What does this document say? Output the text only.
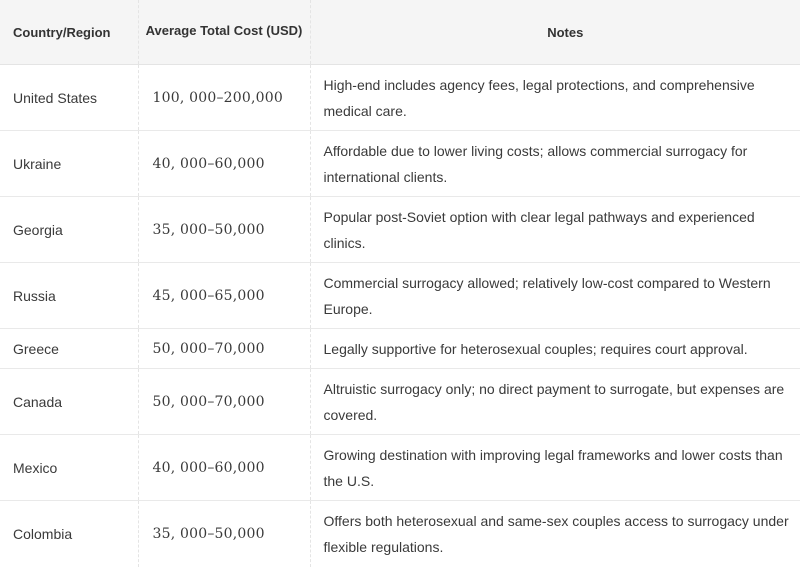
Country/Region	Average Total Cost (USD)	Notes
United States	100, 000–200,000	High-end includes agency fees, legal protections, and comprehensive medical care.
Ukraine	40, 000–60,000	Affordable due to lower living costs; allows commercial surrogacy for international clients.
Georgia	35, 000–50,000	Popular post-Soviet option with clear legal pathways and experienced clinics.
Russia	45, 000–65,000	Commercial surrogacy allowed; relatively low-cost compared to Western Europe.
Greece	50, 000–70,000	Legally supportive for heterosexual couples; requires court approval.
Canada	50, 000–70,000	Altruistic surrogacy only; no direct payment to surrogate, but expenses are covered.
Mexico	40, 000–60,000	Growing destination with improving legal frameworks and lower costs than the U.S.
Colombia	35, 000–50,000	Offers both heterosexual and same-sex couples access to surrogacy under flexible regulations.
